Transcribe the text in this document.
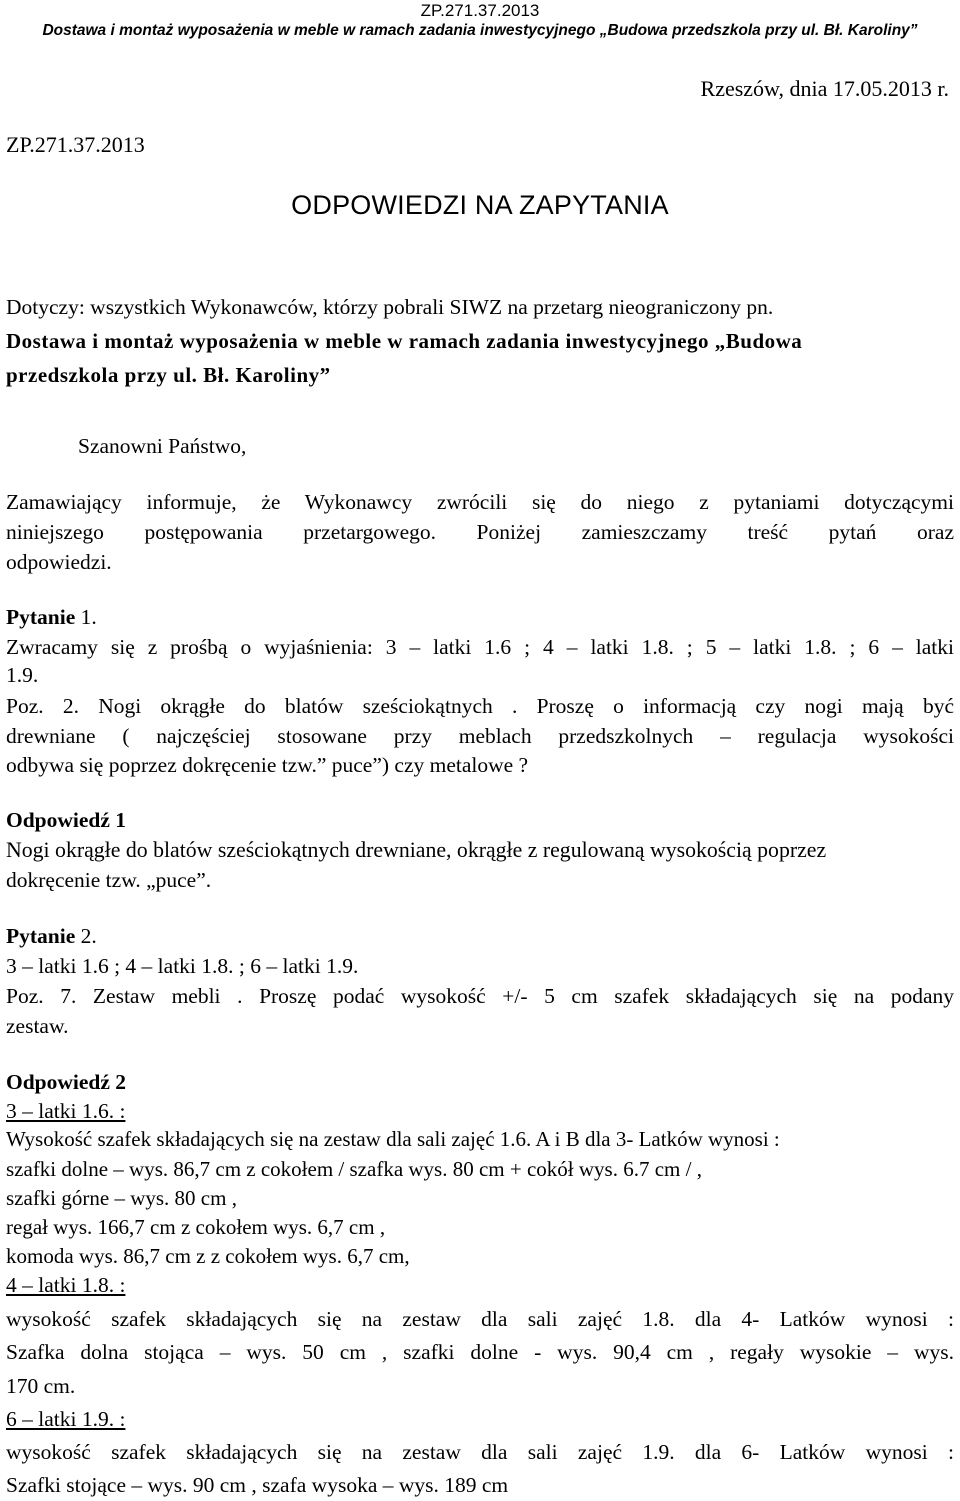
ZP.271.37.2013
Dostawa i montaż wyposażenia w meble w ramach zadania inwestycyjnego „Budowa przedszkola przy ul. Bł. Karoliny”
Rzeszów, dnia 17.05.2013 r.
ZP.271.37.2013
ODPOWIEDZI NA ZAPYTANIA
Dotyczy: wszystkich Wykonawców, którzy pobrali SIWZ na przetarg nieograniczony pn.
Dostawa i montaż wyposażenia w meble w ramach zadania inwestycyjnego „Budowa
przedszkola przy ul. Bł. Karoliny”
Szanowni Państwo,
Zamawiający informuje, że Wykonawcy zwrócili się do niego z pytaniami dotyczącymi
niniejszego postępowania przetargowego. Poniżej zamieszczamy treść pytań oraz
odpowiedzi.
Pytanie 1.
Zwracamy się z prośbą o wyjaśnienia: 3 – latki 1.6 ; 4 – latki 1.8. ; 5 – latki 1.8. ; 6 – latki
1.9.
Poz. 2. Nogi okrągłe do blatów sześciokątnych . Proszę o informacją czy nogi mają być
drewniane ( najczęściej stosowane przy meblach przedszkolnych – regulacja wysokości
odbywa się poprzez dokręcenie tzw.” puce”) czy metalowe ?
Odpowiedź 1
Nogi okrągłe do blatów sześciokątnych drewniane, okrągłe z regulowaną wysokością poprzez
dokręcenie tzw. „puce”.
Pytanie 2.
3 – latki 1.6 ; 4 – latki 1.8. ; 6 – latki 1.9.
Poz. 7. Zestaw mebli . Proszę podać wysokość +/- 5 cm szafek składających się na podany
zestaw.
Odpowiedź 2
3 – latki 1.6. :
Wysokość szafek składających się na zestaw dla sali zajęć 1.6. A i B dla 3- Latków wynosi :
szafki dolne – wys. 86,7 cm z cokołem / szafka wys. 80 cm + cokół wys. 6.7 cm / ,
szafki górne – wys. 80 cm ,
regał wys. 166,7 cm z cokołem wys. 6,7 cm ,
komoda wys. 86,7 cm z z cokołem wys. 6,7 cm,
4 – latki 1.8. :
wysokość szafek składających się na zestaw dla sali zajęć 1.8. dla 4- Latków wynosi :
Szafka dolna stojąca – wys. 50 cm , szafki dolne - wys. 90,4 cm , regały wysokie – wys.
170 cm.
6 – latki 1.9. :
wysokość szafek składających się na zestaw dla sali zajęć 1.9. dla 6- Latków wynosi :
Szafki stojące – wys. 90 cm , szafa wysoka – wys. 189 cm
